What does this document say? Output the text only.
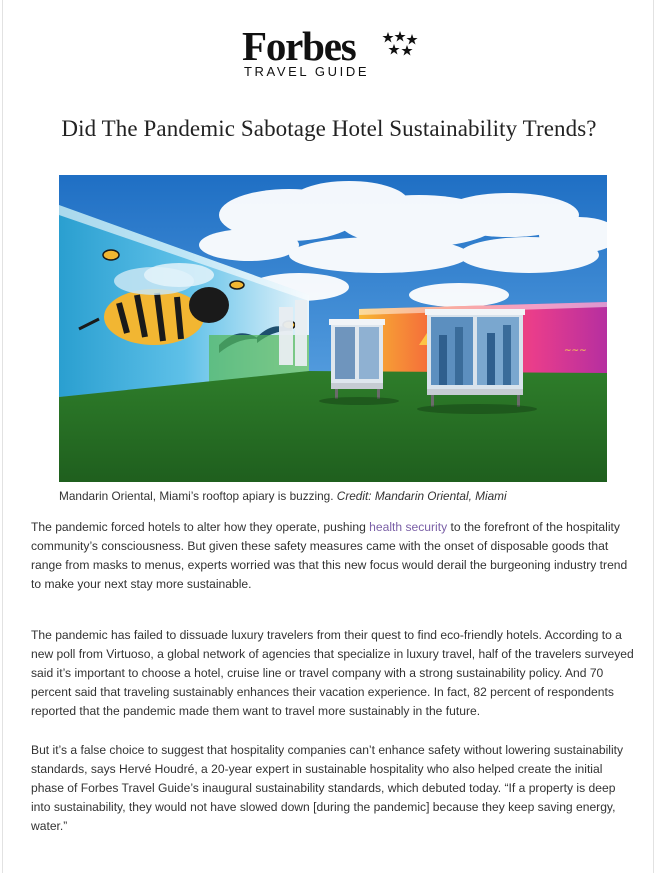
Forbes
TRAVEL GUIDE
Did The Pandemic Sabotage Hotel Sustainability Trends?
~~~
Mandarin Oriental, Miami’s rooftop apiary is buzzing. Credit: Mandarin Oriental, Miami

The pandemic forced hotels to alter how they operate, pushing health security to the forefront of the hospitality community’s consciousness. But given these safety measures came with the onset of disposable goods that range from masks to menus, experts worried was that this new focus would derail the burgeoning industry trend to make your next stay more sustainable.

The pandemic has failed to dissuade luxury travelers from their quest to find eco-friendly hotels. According to a new poll from Virtuoso, a global network of agencies that specialize in luxury travel, half of the travelers surveyed said it’s important to choose a hotel, cruise line or travel company with a strong sustainability policy. And 70 percent said that traveling sustainably enhances their vacation experience. In fact, 82 percent of respondents reported that the pandemic made them want to travel more sustainably in the future.

But it’s a false choice to suggest that hospitality companies can’t enhance safety without lowering sustainability standards, says Hervé Houdré, a 20-year expert in sustainable hospitality who also helped create the initial phase of Forbes Travel Guide’s inaugural sustainability standards, which debuted today. “If a property is deep into sustainability, they would not have slowed down [during the pandemic] because they keep saving energy, water.”
